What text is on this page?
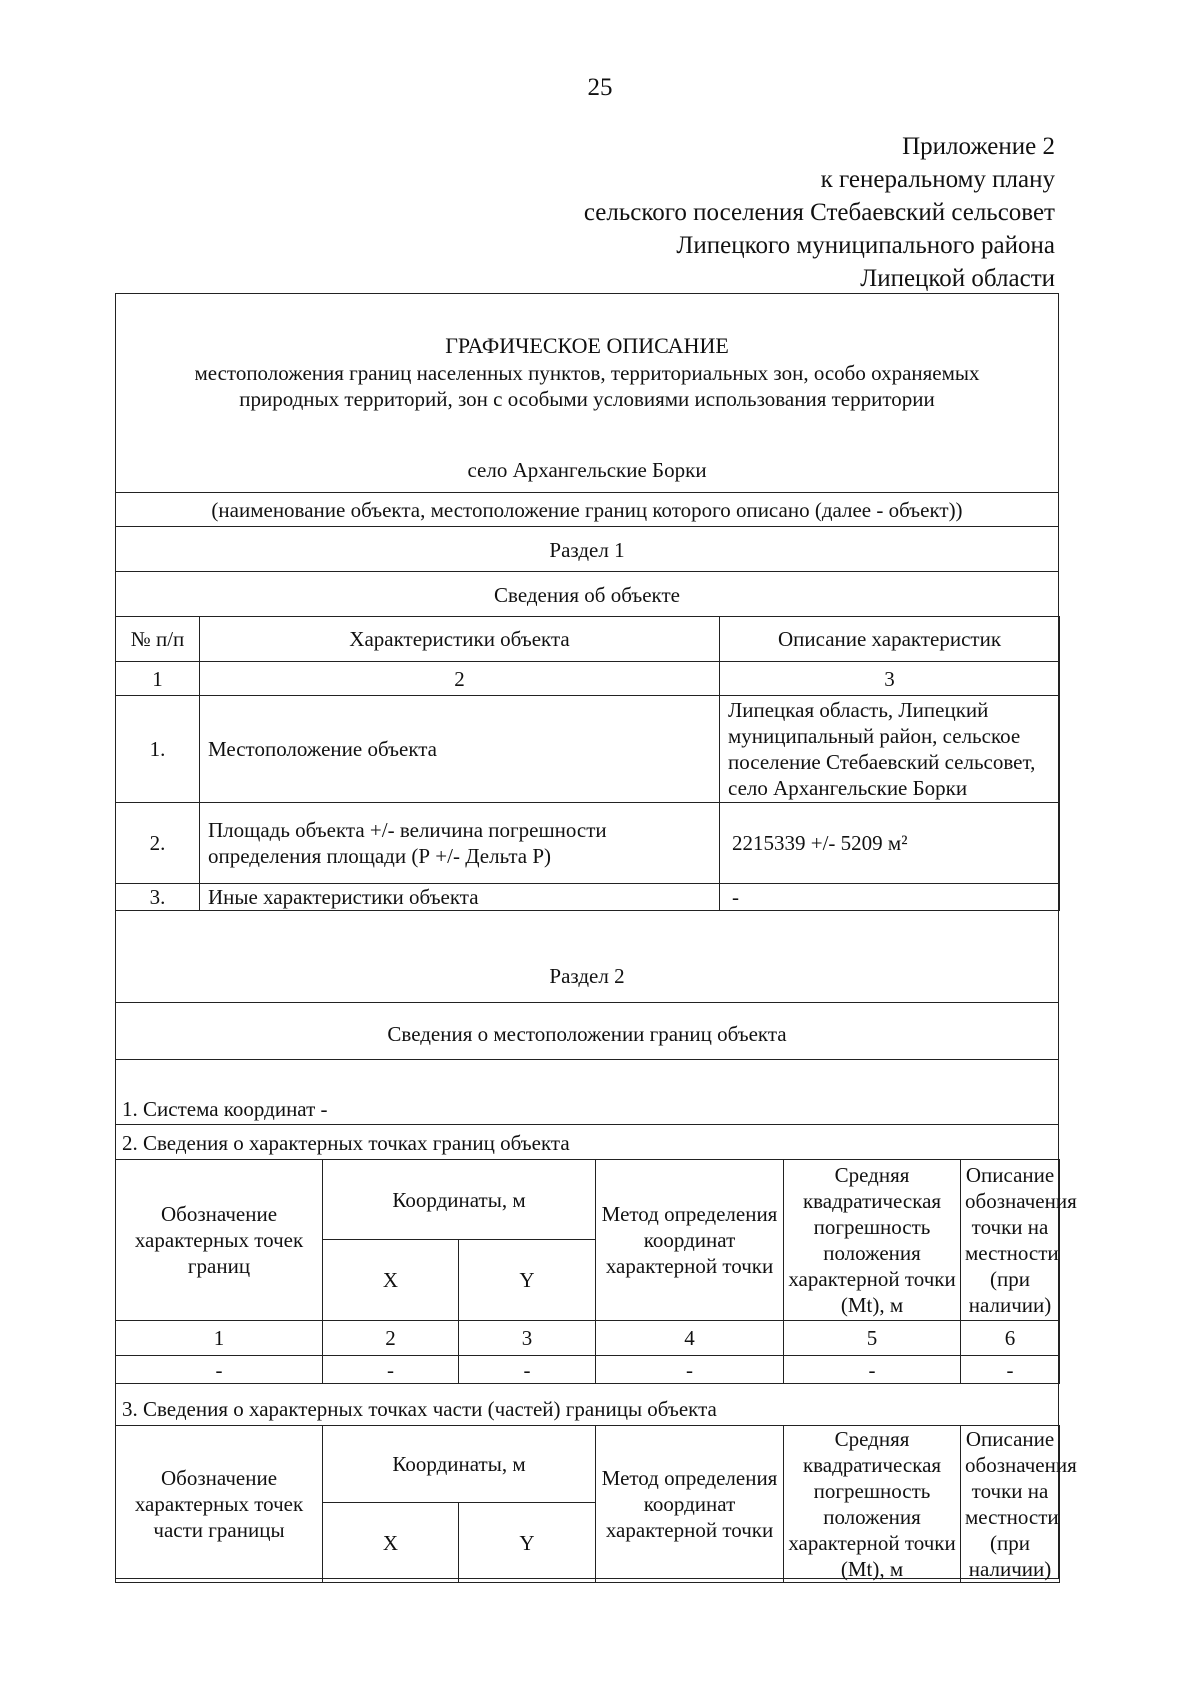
25
Приложение 2
к генеральному плану
сельского поселения Стебаевский сельсовет
Липецкого муниципального района
Липецкой области
ГРАФИЧЕСКОЕ ОПИСАНИЕ
местоположения границ населенных пунктов, территориальных зон, особо охраняемых
природных территорий, зон с особыми условиями использования территории
село Архангельские Борки
(наименование объекта, местоположение границ которого описано (далее - объект))
Раздел 1
Сведения об объекте
№ п/п	Характеристики объекта	Описание характеристик
1	2	3
1.	Местоположение объекта	Липецкая область, Липецкий муниципальный район, сельское поселение Стебаевский сельсовет, село Архангельские Борки
2.	Площадь объекта +/- величина погрешности определения площади (Р +/- Дельта Р)	2215339 +/- 5209 м²
3.	Иные характеристики объекта	-
Раздел 2
Сведения о местоположении границ объекта
1. Система координат -
2. Сведения о характерных точках границ объекта
Обозначение характерных точек границ	Координаты, м		Метод определения координат характерной точки	Средняя квадратическая погрешность положения характерной точки (Mt), м	Описание обозначения точки на местности (при наличии)
	X	Y			
1	2	3	4	5	6
-	-	-	-	-	-
3. Сведения о характерных точках части (частей) границы объекта
Обозначение характерных точек части границы	Координаты, м		Метод определения координат характерной точки	Средняя квадратическая погрешность положения характерной точки (Mt), м	Описание обозначения точки на местности (при наличии)
	X	Y			
